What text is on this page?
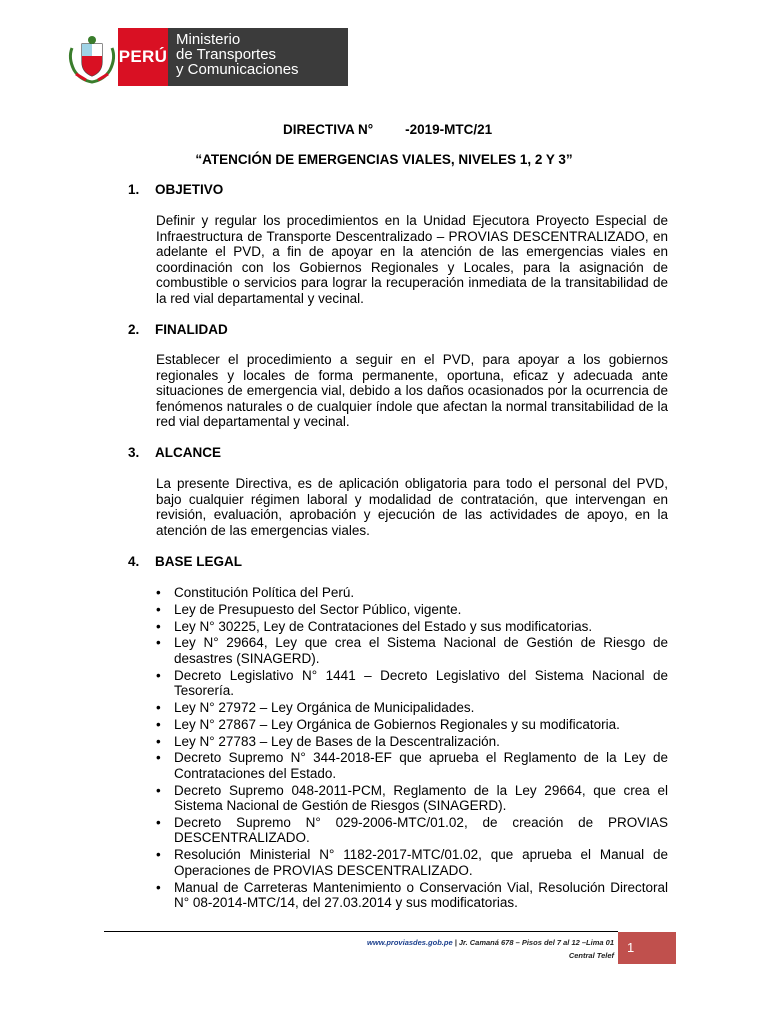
PERÚ
Ministerio
de Transportes
y Comunicaciones
DIRECTIVA N° -2019-MTC/21
“ATENCIÓN DE EMERGENCIAS VIALES, NIVELES 1, 2 Y 3”
1. OBJETIVO
Definir y regular los procedimientos en la Unidad Ejecutora Proyecto Especial de Infraestructura de Transporte Descentralizado – PROVIAS DESCENTRALIZADO, en adelante el PVD, a fin de apoyar en la atención de las emergencias viales en coordinación con los Gobiernos Regionales y Locales, para la asignación de combustible o servicios para lograr la recuperación inmediata de la transitabilidad de la red vial departamental y vecinal.
2. FINALIDAD
Establecer el procedimiento a seguir en el PVD, para apoyar a los gobiernos regionales y locales de forma permanente, oportuna, eficaz y adecuada ante situaciones de emergencia vial, debido a los daños ocasionados por la ocurrencia de fenómenos naturales o de cualquier índole que afectan la normal transitabilidad de la red vial departamental y vecinal.
3. ALCANCE
La presente Directiva, es de aplicación obligatoria para todo el personal del PVD, bajo cualquier régimen laboral y modalidad de contratación, que intervengan en revisión, evaluación, aprobación y ejecución de las actividades de apoyo, en la atención de las emergencias viales.
4. BASE LEGAL
• Constitución Política del Perú.
• Ley de Presupuesto del Sector Público, vigente.
• Ley N° 30225, Ley de Contrataciones del Estado y sus modificatorias.
• Ley N° 29664, Ley que crea el Sistema Nacional de Gestión de Riesgo de desastres (SINAGERD).
• Decreto Legislativo N° 1441 – Decreto Legislativo del Sistema Nacional de Tesorería.
• Ley N° 27972 – Ley Orgánica de Municipalidades.
• Ley N° 27867 – Ley Orgánica de Gobiernos Regionales y su modificatoria.
• Ley N° 27783 – Ley de Bases de la Descentralización.
• Decreto Supremo N° 344-2018-EF que aprueba el Reglamento de la Ley de Contrataciones del Estado.
• Decreto Supremo 048-2011-PCM, Reglamento de la Ley 29664, que crea el Sistema Nacional de Gestión de Riesgos (SINAGERD).
• Decreto Supremo N° 029-2006-MTC/01.02, de creación de PROVIAS DESCENTRALIZADO.
• Resolución Ministerial N° 1182-2017-MTC/01.02, que aprueba el Manual de Operaciones de PROVIAS DESCENTRALIZADO.
• Manual de Carreteras Mantenimiento o Conservación Vial, Resolución Directoral N° 08-2014-MTC/14, del 27.03.2014 y sus modificatorias.
www.proviasdes.gob.pe | Jr. Camaná 678 – Pisos del 7 al 12 –Lima 01
Central Telef
1
